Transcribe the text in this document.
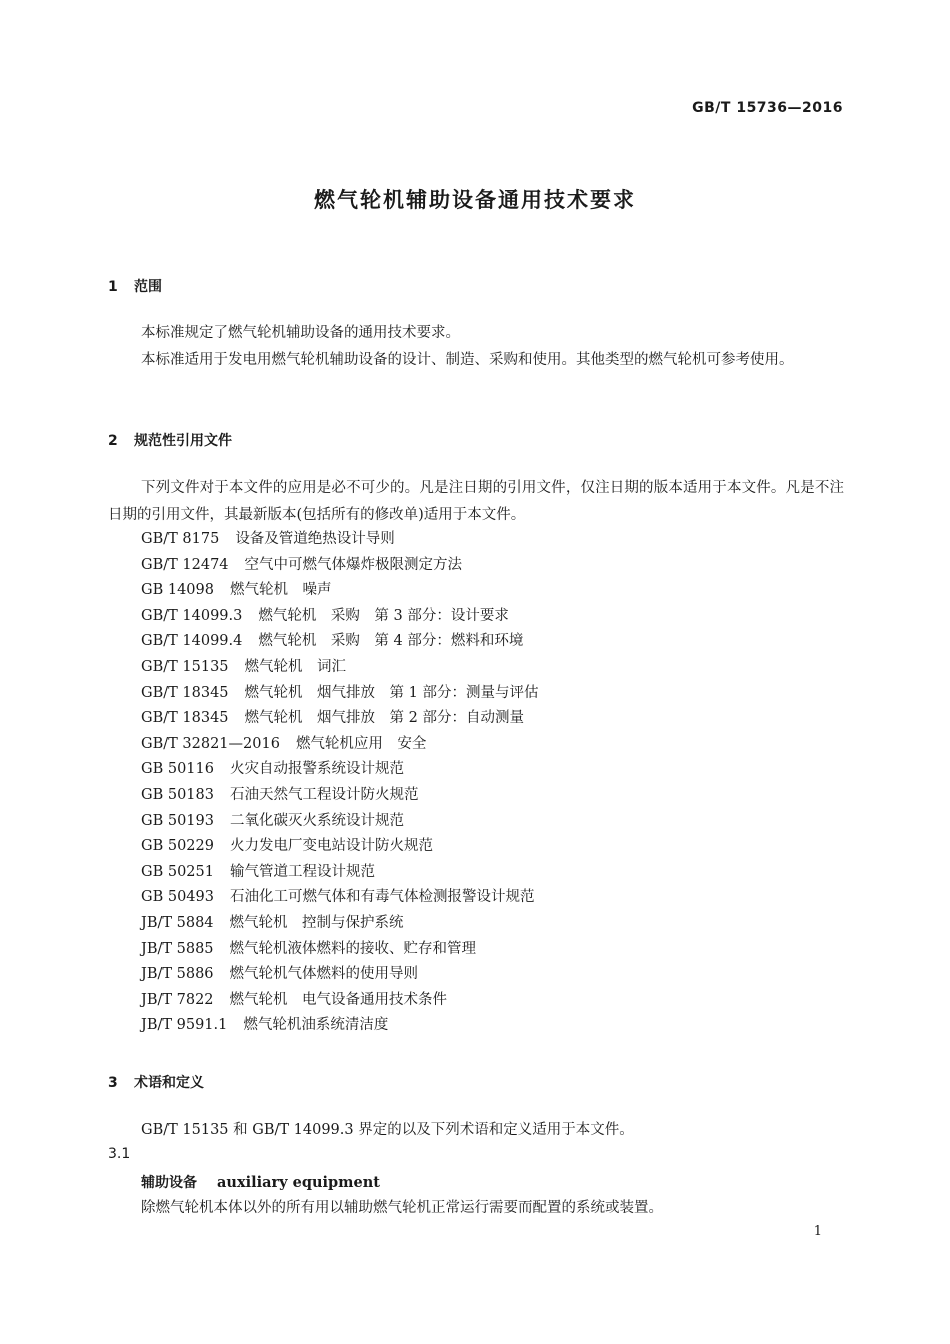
GB/T 15736—2016

燃气轮机辅助设备通用技术要求
1 范围

本标准规定了燃气轮机辅助设备的通用技术要求。

本标准适用于发电用燃气轮机辅助设备的设计、制造、采购和使用。其他类型的燃气轮机可参考使用。

2 规范性引用文件

下列文件对于本文件的应用是必不可少的。凡是注日期的引用文件，仅注日期的版本适用于本文件。凡是不注日期的引用文件，其最新版本(包括所有的修改单)适用于本文件。

GB/T 8175 设备及管道绝热设计导则
GB/T 12474 空气中可燃气体爆炸极限测定方法
GB 14098 燃气轮机　噪声
GB/T 14099.3 燃气轮机　采购　第 3 部分：设计要求
GB/T 14099.4 燃气轮机　采购　第 4 部分：燃料和环境
GB/T 15135 燃气轮机　词汇
GB/T 18345 燃气轮机　烟气排放　第 1 部分：测量与评估
GB/T 18345 燃气轮机　烟气排放　第 2 部分：自动测量
GB/T 32821—2016 燃气轮机应用　安全
GB 50116 火灾自动报警系统设计规范
GB 50183 石油天然气工程设计防火规范
GB 50193 二氧化碳灭火系统设计规范
GB 50229 火力发电厂变电站设计防火规范
GB 50251 输气管道工程设计规范
GB 50493 石油化工可燃气体和有毒气体检测报警设计规范
JB/T 5884 燃气轮机　控制与保护系统
JB/T 5885 燃气轮机液体燃料的接收、贮存和管理
JB/T 5886 燃气轮机气体燃料的使用导则
JB/T 7822 燃气轮机　电气设备通用技术条件
JB/T 9591.1 燃气轮机油系统清洁度
3 术语和定义

GB/T 15135 和 GB/T 14099.3 界定的以及下列术语和定义适用于本文件。

3.1

辅助设备 auxiliary equipment

除燃气轮机本体以外的所有用以辅助燃气轮机正常运行需要而配置的系统或装置。

1
